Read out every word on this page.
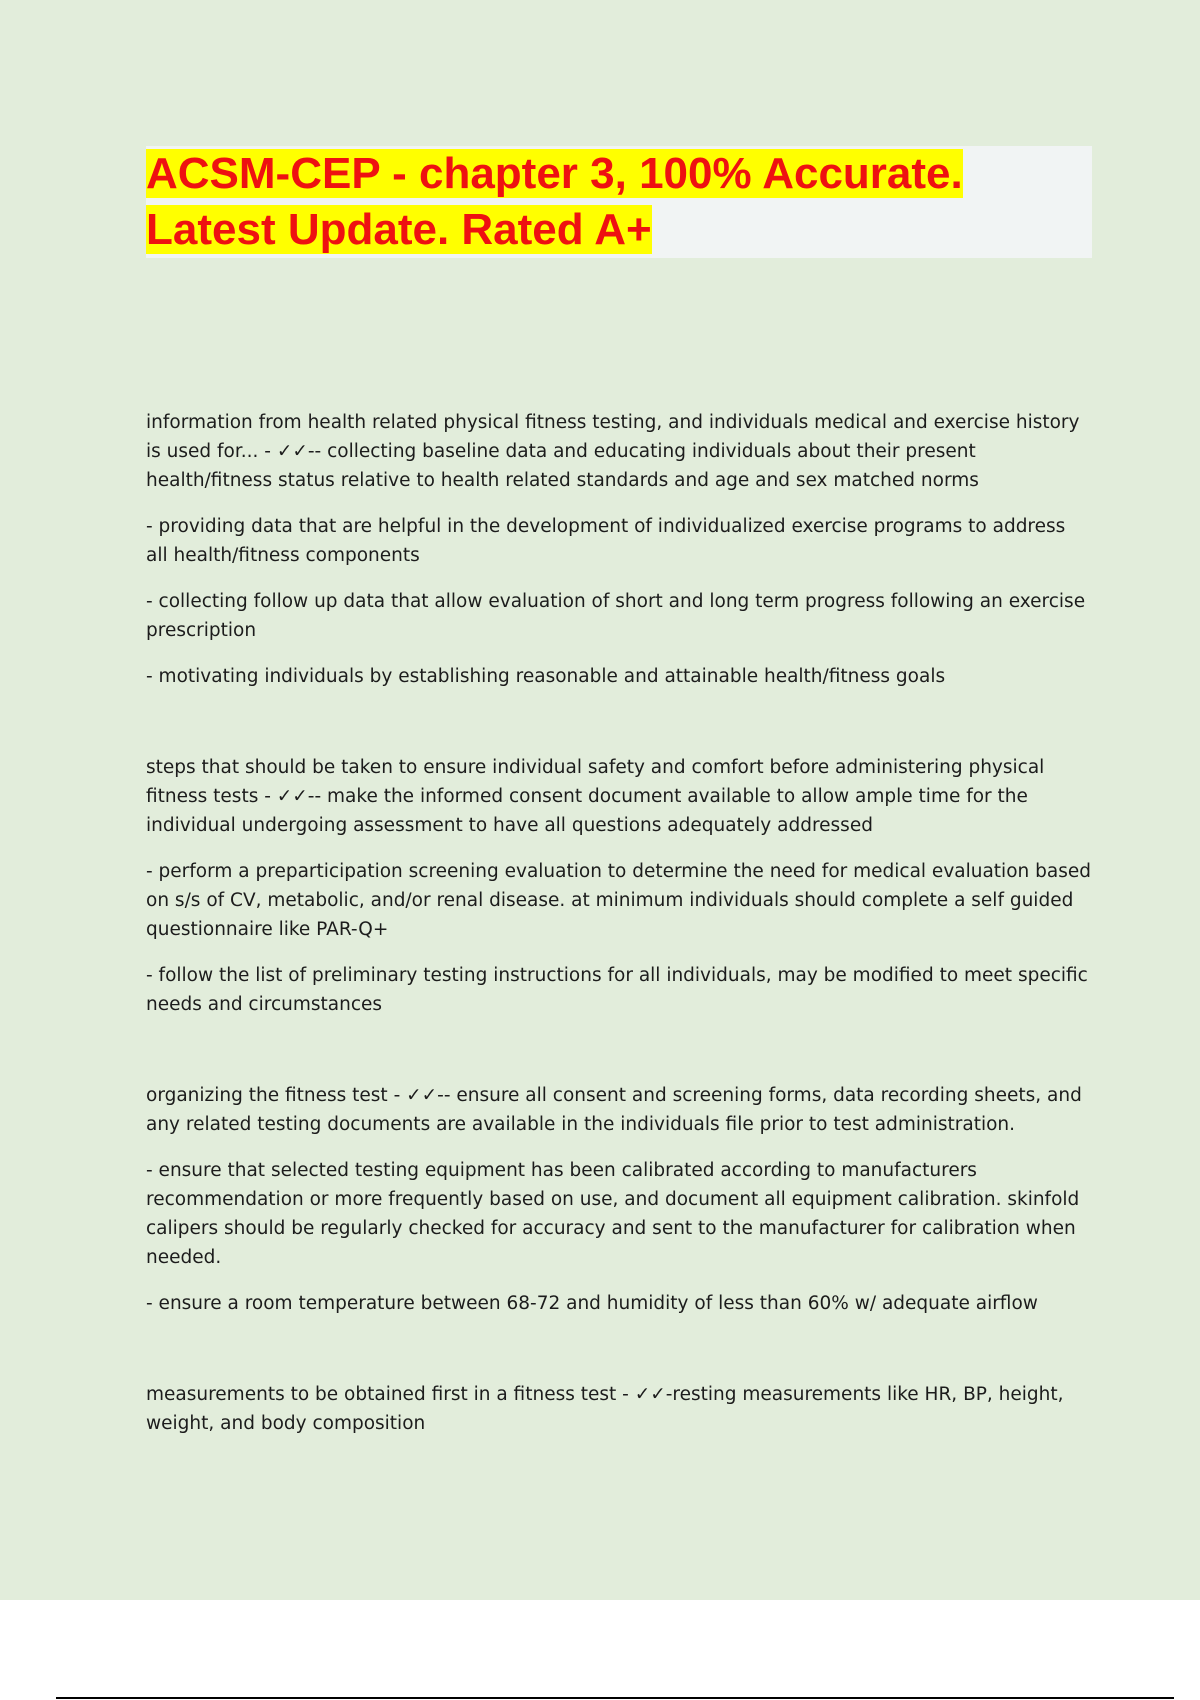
ACSM-CEP - chapter 3, 100% Accurate.
Latest Update. Rated A+

information from health related physical fitness testing, and individuals medical and exercise history is used for... - ✓✓-- collecting baseline data and educating individuals about their present health/fitness status relative to health related standards and age and sex matched norms

- providing data that are helpful in the development of individualized exercise programs to address all health/fitness components

- collecting follow up data that allow evaluation of short and long term progress following an exercise prescription

- motivating individuals by establishing reasonable and attainable health/fitness goals

steps that should be taken to ensure individual safety and comfort before administering physical fitness tests - ✓✓-- make the informed consent document available to allow ample time for the individual undergoing assessment to have all questions adequately addressed

- perform a preparticipation screening evaluation to determine the need for medical evaluation based on s/s of CV, metabolic, and/or renal disease. at minimum individuals should complete a self guided questionnaire like PAR-Q+

- follow the list of preliminary testing instructions for all individuals, may be modified to meet specific needs and circumstances

organizing the fitness test - ✓✓-- ensure all consent and screening forms, data recording sheets, and any related testing documents are available in the individuals file prior to test administration.

- ensure that selected testing equipment has been calibrated according to manufacturers recommendation or more frequently based on use, and document all equipment calibration. skinfold calipers should be regularly checked for accuracy and sent to the manufacturer for calibration when needed.

- ensure a room temperature between 68-72 and humidity of less than 60% w/ adequate airflow

measurements to be obtained first in a fitness test - ✓✓-resting measurements like HR, BP, height, weight, and body composition
